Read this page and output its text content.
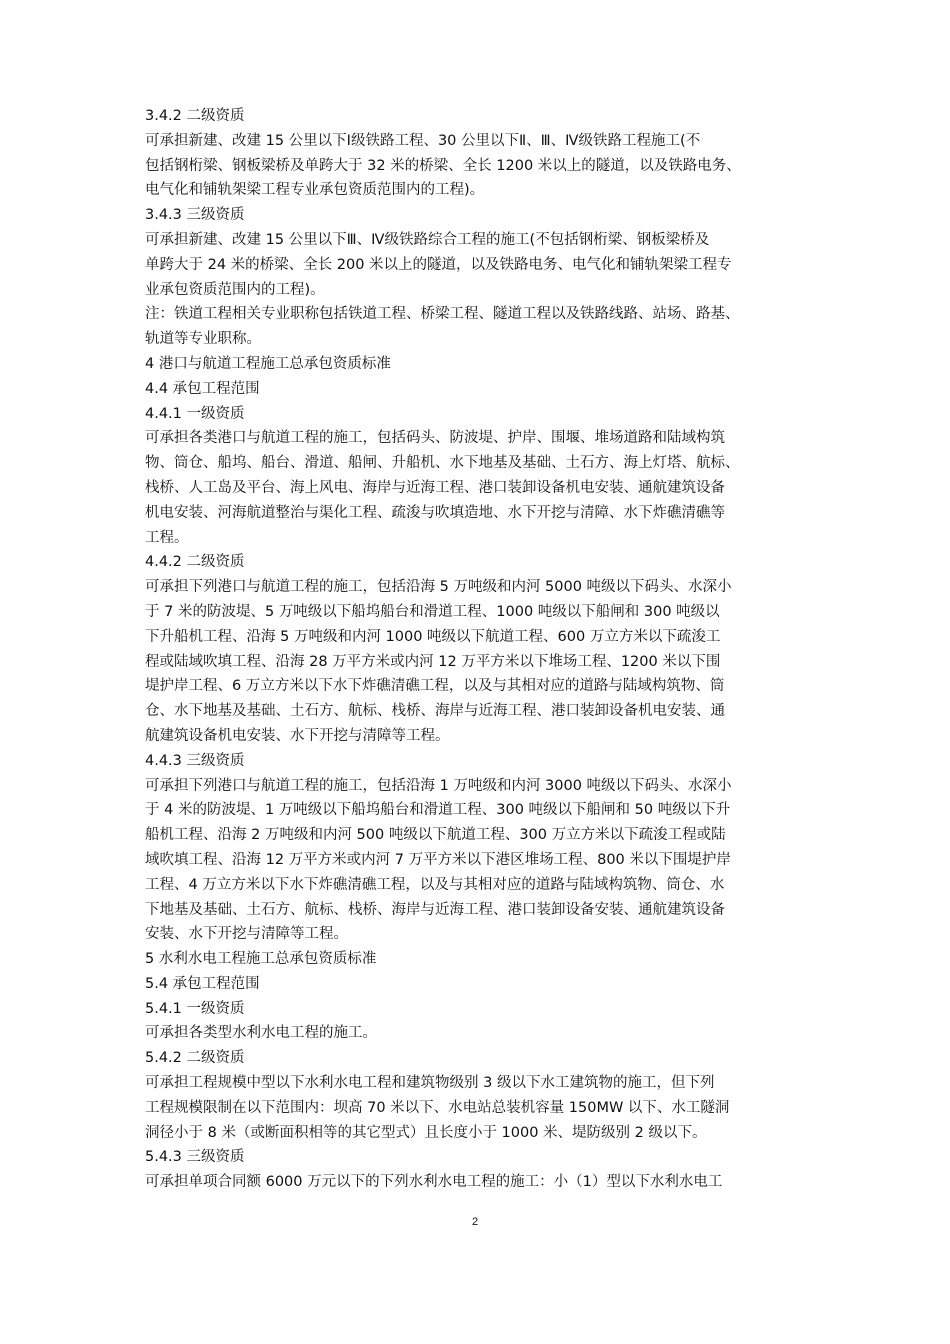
3.4.2 二级资质
可承担新建、改建 15 公里以下Ⅰ级铁路工程、30 公里以下Ⅱ、Ⅲ、Ⅳ级铁路工程施工(不
包括钢桁梁、钢板梁桥及单跨大于 32 米的桥梁、全长 1200 米以上的隧道，以及铁路电务、
电气化和铺轨架梁工程专业承包资质范围内的工程)。
3.4.3 三级资质
可承担新建、改建 15 公里以下Ⅲ、Ⅳ级铁路综合工程的施工(不包括钢桁梁、钢板梁桥及
单跨大于 24 米的桥梁、全长 200 米以上的隧道，以及铁路电务、电气化和铺轨架梁工程专
业承包资质范围内的工程)。
注：铁道工程相关专业职称包括铁道工程、桥梁工程、隧道工程以及铁路线路、站场、路基、
轨道等专业职称。
4 港口与航道工程施工总承包资质标准
4.4 承包工程范围
4.4.1 一级资质
可承担各类港口与航道工程的施工，包括码头、防波堤、护岸、围堰、堆场道路和陆域构筑
物、筒仓、船坞、船台、滑道、船闸、升船机、水下地基及基础、土石方、海上灯塔、航标、
栈桥、人工岛及平台、海上风电、海岸与近海工程、港口装卸设备机电安装、通航建筑设备
机电安装、河海航道整治与渠化工程、疏浚与吹填造地、水下开挖与清障、水下炸礁清礁等
工程。
4.4.2 二级资质
可承担下列港口与航道工程的施工，包括沿海 5 万吨级和内河 5000 吨级以下码头、水深小
于 7 米的防波堤、5 万吨级以下船坞船台和滑道工程、1000 吨级以下船闸和 300 吨级以
下升船机工程、沿海 5 万吨级和内河 1000 吨级以下航道工程、600 万立方米以下疏浚工
程或陆域吹填工程、沿海 28 万平方米或内河 12 万平方米以下堆场工程、1200 米以下围
堤护岸工程、6 万立方米以下水下炸礁清礁工程，以及与其相对应的道路与陆域构筑物、筒
仓、水下地基及基础、土石方、航标、栈桥、海岸与近海工程、港口装卸设备机电安装、通
航建筑设备机电安装、水下开挖与清障等工程。
4.4.3 三级资质
可承担下列港口与航道工程的施工，包括沿海 1 万吨级和内河 3000 吨级以下码头、水深小
于 4 米的防波堤、1 万吨级以下船坞船台和滑道工程、300 吨级以下船闸和 50 吨级以下升
船机工程、沿海 2 万吨级和内河 500 吨级以下航道工程、300 万立方米以下疏浚工程或陆
域吹填工程、沿海 12 万平方米或内河 7 万平方米以下港区堆场工程、800 米以下围堤护岸
工程、4 万立方米以下水下炸礁清礁工程，以及与其相对应的道路与陆域构筑物、筒仓、水
下地基及基础、土石方、航标、栈桥、海岸与近海工程、港口装卸设备安装、通航建筑设备
安装、水下开挖与清障等工程。
5 水利水电工程施工总承包资质标准
5.4 承包工程范围
5.4.1 一级资质
可承担各类型水利水电工程的施工。
5.4.2 二级资质
可承担工程规模中型以下水利水电工程和建筑物级别 3 级以下水工建筑物的施工，但下列
工程规模限制在以下范围内：坝高 70 米以下、水电站总装机容量 150MW 以下、水工隧洞
洞径小于 8 米（或断面积相等的其它型式）且长度小于 1000 米、堤防级别 2 级以下。
5.4.3 三级资质
可承担单项合同额 6000 万元以下的下列水利水电工程的施工：小（1）型以下水利水电工
2
